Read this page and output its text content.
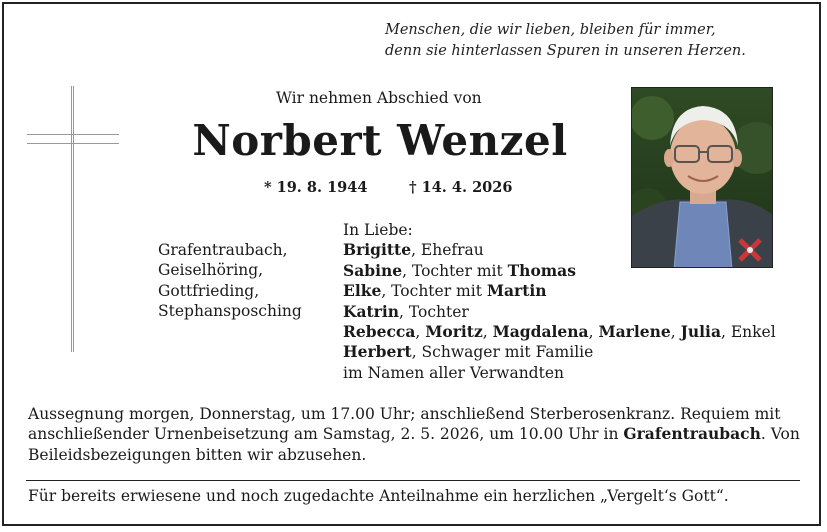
Menschen, die wir lieben, bleiben für immer,
denn sie hinterlassen Spuren in unseren Herzen.
Wir nehmen Abschied von
Norbert Wenzel
* 19. 8. 1944	† 14. 4. 2026
Grafentraubach,
Geiselhöring,
Gottfrieding,
Stephansposching
In Liebe:
Brigitte, Ehefrau
Sabine, Tochter mit Thomas
Elke, Tochter mit Martin
Katrin, Tochter
Rebecca, Moritz, Magdalena, Marlene, Julia, Enkel
Herbert, Schwager mit Familie
im Namen aller Verwandten
Aussegnung morgen, Donnerstag, um 17.00 Uhr; anschließend Sterberosenkranz. Requiem mit anschließender Urnenbeisetzung am Samstag, 2. 5. 2026, um 10.00 Uhr in Grafentraubach. Von Beileidsbezeigungen bitten wir abzusehen.
Für bereits erwiesene und noch zugedachte Anteilnahme ein herzlichen „Vergelt‘s Gott“.
